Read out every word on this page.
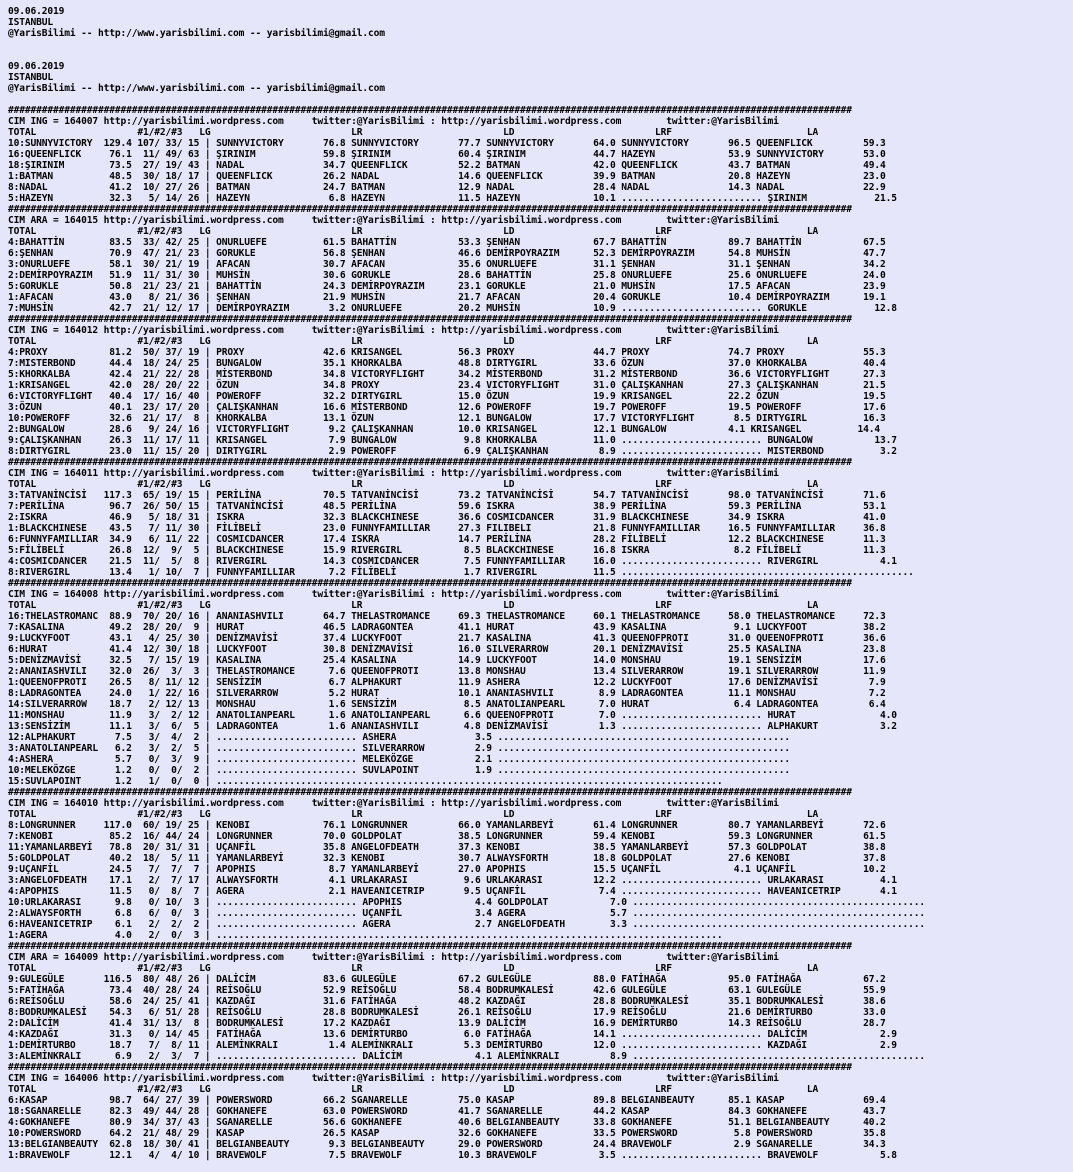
09.06.2019
ISTANBUL
@YarisBilimi -- http://www.yarisbilimi.com -- yarisbilimi@gmail.com

09.06.2019
ISTANBUL
@YarisBilimi -- http://www.yarisbilimi.com -- yarisbilimi@gmail.com

######################################################################################################################################################
CIM ING = 164007 http://yarisbilimi.wordpress.com     twitter:@YarisBilimi : http://yarisbilimi.wordpress.com        twitter:@YarisBilimi
TOTAL                  #1/#2/#3   LG                         LR                         LD                         LRF                        LA
10:SUNNYVICTORY  129.4 107/ 33/ 15 | SUNNYVICTORY       76.8 SUNNYVICTORY       77.7 SUNNYVICTORY       64.0 SUNNYVICTORY       96.5 QUEENFLICK         59.3
16:QUEENFLICK     76.1  11/ 49/ 63 | ŞIRINIM            59.8 ŞIRINIM            60.4 ŞIRINIM            44.7 HAZEYN             53.9 SUNNYVICTORY       53.0
18:ŞIRINIM        73.5  27/ 19/ 43 | NADAL              34.7 QUEENFLICK         52.2 BATMAN             42.0 QUEENFLICK         43.7 BATMAN             49.4
1:BATMAN          48.5  30/ 18/ 17 | QUEENFLICK         26.2 NADAL              14.6 QUEENFLICK         39.9 BATMAN             20.8 HAZEYN             23.0
8:NADAL           41.2  10/ 27/ 26 | BATMAN             24.7 BATMAN             12.9 NADAL              28.4 NADAL              14.3 NADAL              22.9
5:HAZEYN          32.3   5/ 14/ 26 | HAZEYN              6.8 HAZEYN             11.5 HAZEYN             10.1 ......................... ŞIRINIM            21.5
######################################################################################################################################################
CIM ARA = 164015 http://yarisbilimi.wordpress.com     twitter:@YarisBilimi : http://yarisbilimi.wordpress.com        twitter:@YarisBilimi
TOTAL                  #1/#2/#3   LG                         LR                         LD                         LRF                        LA
4:BAHATTİN        83.5  33/ 42/ 25 | ONURLUEFE          61.5 BAHATTİN           53.3 ŞENHAN             67.7 BAHATTİN           89.7 BAHATTİN           67.5
6:ŞENHAN          70.9  47/ 21/ 23 | GORUKLE            56.8 ŞENHAN             46.6 DEMİRPOYRAZIM      52.3 DEMİRPOYRAZIM      54.8 MUHSİN             47.7
3:ONURLUEFE       58.1  30/ 21/ 19 | AFACAN             30.7 AFACAN             35.6 ONURLUEFE          31.1 ŞENHAN             31.1 ŞENHAN             34.2
2:DEMİRPOYRAZIM   51.9  11/ 31/ 30 | MUHSİN             30.6 GORUKLE            28.6 BAHATTİN           25.8 ONURLUEFE          25.6 ONURLUEFE          24.0
5:GORUKLE         50.8  21/ 23/ 21 | BAHATTİN           24.3 DEMİRPOYRAZIM      23.1 GORUKLE            21.0 MUHSİN             17.5 AFACAN             23.9
1:AFACAN          43.0   8/ 21/ 36 | ŞENHAN             21.9 MUHSİN             21.7 AFACAN             20.4 GORUKLE            10.4 DEMİRPOYRAZIM      19.1
7:MUHSİN          42.7  21/ 12/ 17 | DEMİRPOYRAZIM       3.2 ONURLUEFE          20.2 MUHSİN             10.9 ......................... GORUKLE            12.8
######################################################################################################################################################
CIM ING = 164012 http://yarisbilimi.wordpress.com     twitter:@YarisBilimi : http://yarisbilimi.wordpress.com        twitter:@YarisBilimi
TOTAL                  #1/#2/#3   LG                         LR                         LD                         LRF                        LA
4:PROXY           81.2  50/ 37/ 19 | PROXY              42.6 KRISANGEL          56.3 PROXY              44.7 PROXY              74.7 PROXY              55.3
7:MISTERBOND      44.4  18/ 24/ 25 | BUNGALOW           35.1 KHORKALBA          48.8 DIRTYGIRL          33.6 ÖZUN               37.0 KHORKALBA          40.4
5:KHORKALBA       42.4  21/ 22/ 28 | MİSTERBOND         34.8 VICTORYFLIGHT      34.2 MİSTERBOND         31.2 MİSTERBOND         36.6 VICTORYFLIGHT      27.3
1:KRISANGEL       42.0  28/ 20/ 22 | ÖZUN               34.8 PROXY              23.4 VICTORYFLIGHT      31.0 ÇALIŞKANHAN        27.3 ÇALIŞKANHAN        21.5
6:VICTORYFLIGHT   40.4  17/ 16/ 40 | POWEROFF           32.2 DIRTYGIRL          15.0 ÖZUN               19.9 KRISANGEL          22.2 ÖZUN               19.5
3:ÖZUN            40.1  23/ 17/ 20 | ÇALIŞKANHAN        16.6 MİSTERBOND         12.6 POWEROFF           19.7 POWEROFF           19.5 POWEROFF           17.6
10:POWEROFF       32.6  21/ 17/  8 | KHORKALBA          13.1 ÖZUN               12.1 BUNGALOW           17.7 VICTORYFLIGHT       8.5 DIRTYGIRL          16.3
2:BUNGALOW        28.6   9/ 24/ 16 | VICTORYFLIGHT       9.2 ÇALIŞKANHAN        10.0 KRISANGEL          12.1 BUNGALOW           4.1 KRISANGEL          14.4
9:ÇALIŞKANHAN     26.3  11/ 17/ 11 | KRISANGEL           7.9 BUNGALOW            9.8 KHORKALBA          11.0 ......................... BUNGALOW           13.7
8:DIRTYGIRL       23.0  11/ 15/ 20 | DIRTYGIRL           2.9 POWEROFF            6.9 ÇALIŞKANHAN         8.9 ......................... MISTERBOND          3.2
######################################################################################################################################################
CIM ING = 164011 http://yarisbilimi.wordpress.com     twitter:@YarisBilimi : http://yarisbilimi.wordpress.com        twitter:@YarisBilimi
TOTAL                  #1/#2/#3   LG                         LR                         LD                         LRF                        LA
3:TATVANİNCİSİ   117.3  65/ 19/ 15 | PERİLİNA           70.5 TATVANİNCİSİ       73.2 TATVANİNCİSİ       54.7 TATVANİNCİSİ       98.0 TATVANİNCİSİ       71.6
7:PERİLİNA        96.7  26/ 50/ 15 | TATVANİNCİSİ       48.5 PERİLİNA           59.6 ISKRA              38.9 PERİLİNA           59.3 PERİLİNA           53.1
2:ISKRA           46.9   5/ 18/ 31 | ISKRA              32.3 BLACKCHINESE       36.6 COSMICDANCER       31.9 BLACKCHINESE       34.9 ISKRA              41.0
1:BLACKCHINESE    43.5   7/ 11/ 30 | FİLİBELİ           23.0 FUNNYFAMILLIAR     27.3 FILIBELI           21.8 FUNNYFAMILLIAR     16.5 FUNNYFAMILLIAR     36.8
6:FUNNYFAMILLIAR  34.9   6/ 11/ 22 | COSMICDANCER       17.4 ISKRA              14.7 PERİLİNA           28.2 FİLİBELİ           12.2 BLACKCHINESE       11.3
5:FİLİBELİ        26.8  12/  9/  5 | BLACKCHINESE       15.9 RIVERGIRL           8.5 BLACKCHINESE       16.8 ISKRA               8.2 FİLİBELİ           11.3
4:COSMICDANCER    21.5  11/  5/  8 | RIVERGIRL          14.3 COSMICDANCER        7.5 FUNNYFAMILLIAR     16.0 ......................... RIVERGIRL           4.1
8:RIVERGIRL       13.4   1/ 10/  7 | FUNNYFAMILLIAR      7.2 FİLİBELİ            1.7 RIVERGIRL          11.5 ....................................................
######################################################################################################################################################
CIM ING = 164008 http://yarisbilimi.wordpress.com     twitter:@YarisBilimi : http://yarisbilimi.wordpress.com        twitter:@YarisBilimi
TOTAL                  #1/#2/#3   LG                         LR                         LD                         LRF                        LA
16:THELASTROMANC  88.9  70/ 20/ 16 | ANANIASHVILI       64.7 THELASTROMANCE     69.3 THELASTROMANCE     60.1 THELASTROMANCE     58.0 THELASTROMANCE     72.3
7:KASALINA        49.2  28/ 20/  9 | HURAT              46.5 LADRAGONTEA        41.1 HURAT              43.9 KASALINA            9.1 LUCKYFOOT          38.2
9:LUCKYFOOT       43.1   4/ 25/ 30 | DENİZMAVİSİ        37.4 LUCKYFOOT          21.7 KASALINA           41.3 QUEENOFPROTI       31.0 QUEENOFPROTI       36.6
6:HURAT           41.4  12/ 30/ 18 | LUCKYFOOT          30.8 DENİZMAVİSİ        16.0 SILVERARROW        20.1 DENİZMAVİSİ        25.5 KASALINA           23.8
5:DENİZMAVİSİ     32.5   7/ 15/ 19 | KASALINA           25.4 KASALINA           14.9 LUCKYFOOT          14.0 MONSHAU            19.1 SENSİZİM           17.6
2:ANANIASHVILI    32.0  26/  3/  3 | THELASTROMANCE      7.6 QUEENOFPROTI       13.8 MONSHAU            13.4 SILVERARROW        19.1 SILVERARROW        11.9
1:QUEENOFPROTI    26.5   8/ 11/ 12 | SENSİZİM            6.7 ALPHAKURT          11.9 ASHERA             12.2 LUCKYFOOT          17.6 DENİZMAVİSİ         7.9
8:LADRAGONTEA     24.0   1/ 22/ 16 | SILVERARROW         5.2 HURAT              10.1 ANANIASHVILI        8.9 LADRAGONTEA        11.1 MONSHAU             7.2
14:SILVERARROW    18.7   2/ 12/ 13 | MONSHAU             1.6 SENSİZİM            8.5 ANATOLIANPEARL      7.0 HURAT               6.4 LADRAGONTEA         6.4
11:MONSHAU        11.9   3/  2/ 12 | ANATOLIANPEARL      1.6 ANATOLIANPEARL      6.6 QUEENOFPROTI        7.0 ......................... HURAT               4.0
13:SENSİZİM       11.1   3/  6/  5 | LADRAGONTEA         1.6 ANANIASHVILI        4.8 DENİZMAVİSİ         1.3 ......................... ALPHAKURT           3.2
12:ALPHAKURT       7.5   3/  4/  2 | ......................... ASHERA              3.5 ....................................................
3:ANATOLIANPEARL   6.2   3/  2/  5 | ......................... SILVERARROW         2.9 ....................................................
4:ASHERA           5.7   0/  3/  9 | ......................... MELEKÖZGE           2.1 ....................................................
10:MELEKÖZGE       1.2   0/  0/  2 | ......................... SUVLAPOINT          1.9 ....................................................
15:SUVLAPOINT      1.2   1/  0/  0 | ..........................................................................................
######################################################################################################################################################
CIM ING = 164010 http://yarisbilimi.wordpress.com     twitter:@YarisBilimi : http://yarisbilimi.wordpress.com        twitter:@YarisBilimi
TOTAL                  #1/#2/#3   LG                         LR                         LD                         LRF                        LA
8:LONGRUNNER     117.0  60/ 19/ 25 | KENOBI             76.1 LONGRUNNER         66.0 YAMANLARBEYİ       61.4 LONGRUNNER         80.7 YAMANLARBEYİ       72.6
7:KENOBI          85.2  16/ 44/ 24 | LONGRUNNER         70.0 GOLDPOLAT          38.5 LONGRUNNER         59.4 KENOBI             59.3 LONGRUNNER         61.5
11:YAMANLARBEYİ   78.8  20/ 31/ 31 | UÇANFİL            35.8 ANGELOFDEATH       37.3 KENOBI             38.5 YAMANLARBEYİ       57.3 GOLDPOLAT          38.8
5:GOLDPOLAT       40.2  18/  5/ 11 | YAMANLARBEYİ       32.3 KENOBI             30.7 ALWAYSFORTH        18.8 GOLDPOLAT          27.6 KENOBI             37.8
9:UÇANFİL         24.5   7/  7/  7 | APOPHIS             8.7 YAMANLARBEYİ       27.0 APOPHIS            15.5 UÇANFİL             4.1 UÇANFİL            10.2
3:ANGELOFDEATH    17.1   2/  7/ 17 | ALWAYSFORTH         4.1 URLAKARASI          9.6 URLAKARASI         12.2 ......................... URLAKARASI          4.1
4:APOPHIS         11.5   0/  8/  7 | AGERA               2.1 HAVEANICETRIP       9.5 UÇANFİL             7.4 ......................... HAVEANICETRIP       4.1
10:URLAKARASI      9.8   0/ 10/  3 | ......................... APOPHIS             4.4 GOLDPOLAT           7.0 ....................................................
2:ALWAYSFORTH      6.8   6/  0/  3 | ......................... UÇANFİL             3.4 AGERA               5.7 ....................................................
6:HAVEANICETRIP    6.1   2/  2/  2 | ......................... AGERA               2.7 ANGELOFDEATH        3.3 ....................................................
1:AGERA            4.0   2/  0/  3 | ..........................................................................................
######################################################################################################################################################
CIM ARA = 164009 http://yarisbilimi.wordpress.com     twitter:@YarisBilimi : http://yarisbilimi.wordpress.com        twitter:@YarisBilimi
TOTAL                  #1/#2/#3   LG                         LR                         LD                         LRF                        LA
9:GULEGÜLE       116.5  80/ 48/ 26 | DALİCİM            83.6 GULEGÜLE           67.2 GULEGÜLE           88.0 FATİHAĞA           95.0 FATİHAĞA           67.2
5:FATİHAĞA        73.4  40/ 28/ 24 | REİSOĞLU           52.9 REİSOĞLU           58.4 BODRUMKALESİ       42.6 GULEGÜLE           63.1 GULEGÜLE           55.9
6:REİSOĞLU        58.6  24/ 25/ 41 | KAZDAĞI            31.6 FATİHAĞA           48.2 KAZDAĞI            28.8 BODRUMKALESİ       35.1 BODRUMKALESİ       38.6
8:BODRUMKALESİ    54.3   6/ 51/ 28 | REİSOĞLU           28.8 BODRUMKALESİ       26.1 REİSOĞLU           17.9 REİSOĞLU           21.6 DEMİRTURBO         33.0
2:DALİCİM         41.4  31/ 13/  8 | BODRUMKALESİ       17.2 KAZDAĞI            13.9 DALİCİM            16.9 DEMİRTURBO         14.3 REİSOĞLU           28.7
4:KAZDAĞI         31.3   0/ 14/ 45 | FATİHAĞA           13.6 DEMİRTURBO          6.0 FATİHAĞA           14.1 ......................... DALİCİM             2.9
1:DEMİRTURBO      18.7   7/  8/ 11 | ALEMİNKRALI         1.4 ALEMİNKRALI         5.3 DEMİRTURBO         12.0 ......................... KAZDAĞI             2.9
3:ALEMİNKRALI      6.9   2/  3/  7 | ......................... DALİCİM             4.1 ALEMİNKRALI         8.9 ....................................................
######################################################################################################################################################
CIM ING = 164006 http://yarisbilimi.wordpress.com     twitter:@YarisBilimi : http://yarisbilimi.wordpress.com        twitter:@YarisBilimi
TOTAL                  #1/#2/#3   LG                         LR                         LD                         LRF                        LA
6:KASAP           98.7  64/ 27/ 39 | POWERSWORD         66.2 SGANARELLE         75.0 KASAP              89.8 BELGIANBEAUTY      85.1 KASAP              69.4
18:SGANARELLE     82.3  49/ 44/ 28 | GOKHANEFE          63.0 POWERSWORD         41.7 SGANARELLE         44.2 KASAP              84.3 GOKHANEFE          43.7
4:GOKHANEFE       80.9  34/ 37/ 43 | SGANARELLE         56.6 GOKHANEFE          40.6 BELGIANBEAUTY      33.8 GOKHANEFE          51.1 BELGIANBEAUTY      40.2
10:POWERSWORD     64.2  21/ 48/ 29 | KASAP              26.5 KASAP              32.6 GOKHANEFE          33.5 POWERSWORD          5.8 POWERSWORD         35.8
13:BELGIANBEAUTY  62.8  18/ 30/ 41 | BELGIANBEAUTY       9.3 BELGIANBEAUTY      29.0 POWERSWORD         24.4 BRAVEWOLF           2.9 SGANARELLE         34.3
1:BRAVEWOLF       12.1   4/  4/ 10 | BRAVEWOLF           7.5 BRAVEWOLF          10.3 BRAVEWOLF           3.5 ......................... BRAVEWOLF           5.8
